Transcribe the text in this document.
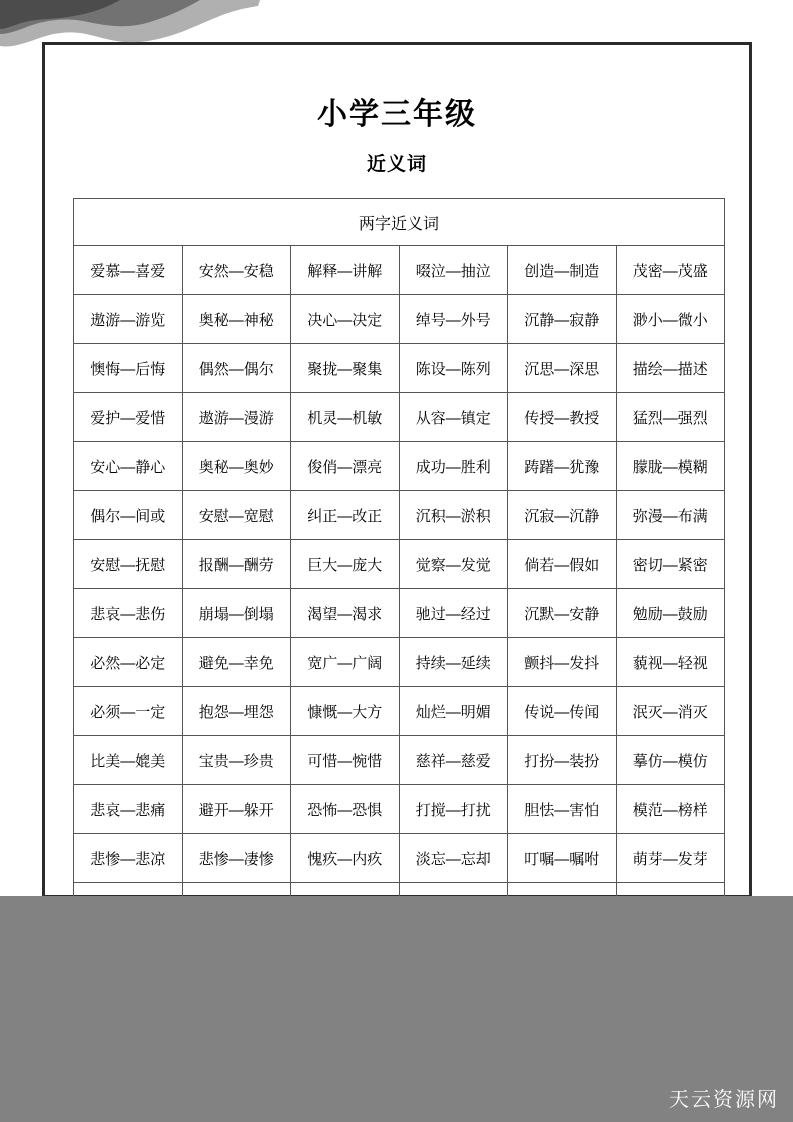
小学三年级
近义词
两字近义词					
爱慕—喜爱	安然—安稳	解释—讲解	啜泣—抽泣	创造—制造	茂密—茂盛
遨游—游览	奥秘—神秘	决心—决定	绰号—外号	沉静—寂静	渺小—微小
懊悔—后悔	偶然—偶尔	聚拢—聚集	陈设—陈列	沉思—深思	描绘—描述
爱护—爱惜	遨游—漫游	机灵—机敏	从容—镇定	传授—教授	猛烈—强烈
安心—静心	奥秘—奥妙	俊俏—漂亮	成功—胜利	踌躇—犹豫	朦胧—模糊
偶尔—间或	安慰—宽慰	纠正—改正	沉积—淤积	沉寂—沉静	弥漫—布满
安慰—抚慰	报酬—酬劳	巨大—庞大	觉察—发觉	倘若—假如	密切—紧密
悲哀—悲伤	崩塌—倒塌	渴望—渴求	驰过—经过	沉默—安静	勉励—鼓励
必然—必定	避免—幸免	宽广—广阔	持续—延续	颤抖—发抖	藐视—轻视
必须—一定	抱怨—埋怨	慷慨—大方	灿烂—明媚	传说—传闻	泯灭—消灭
比美—媲美	宝贵—珍贵	可惜—惋惜	慈祥—慈爱	打扮—装扮	摹仿—模仿
悲哀—悲痛	避开—躲开	恐怖—恐惧	打搅—打扰	胆怯—害怕	模范—榜样
悲惨—悲凉	悲惨—凄惨	愧疚—内疚	淡忘—忘却	叮嘱—嘱咐	萌芽—发芽

天云资源网
